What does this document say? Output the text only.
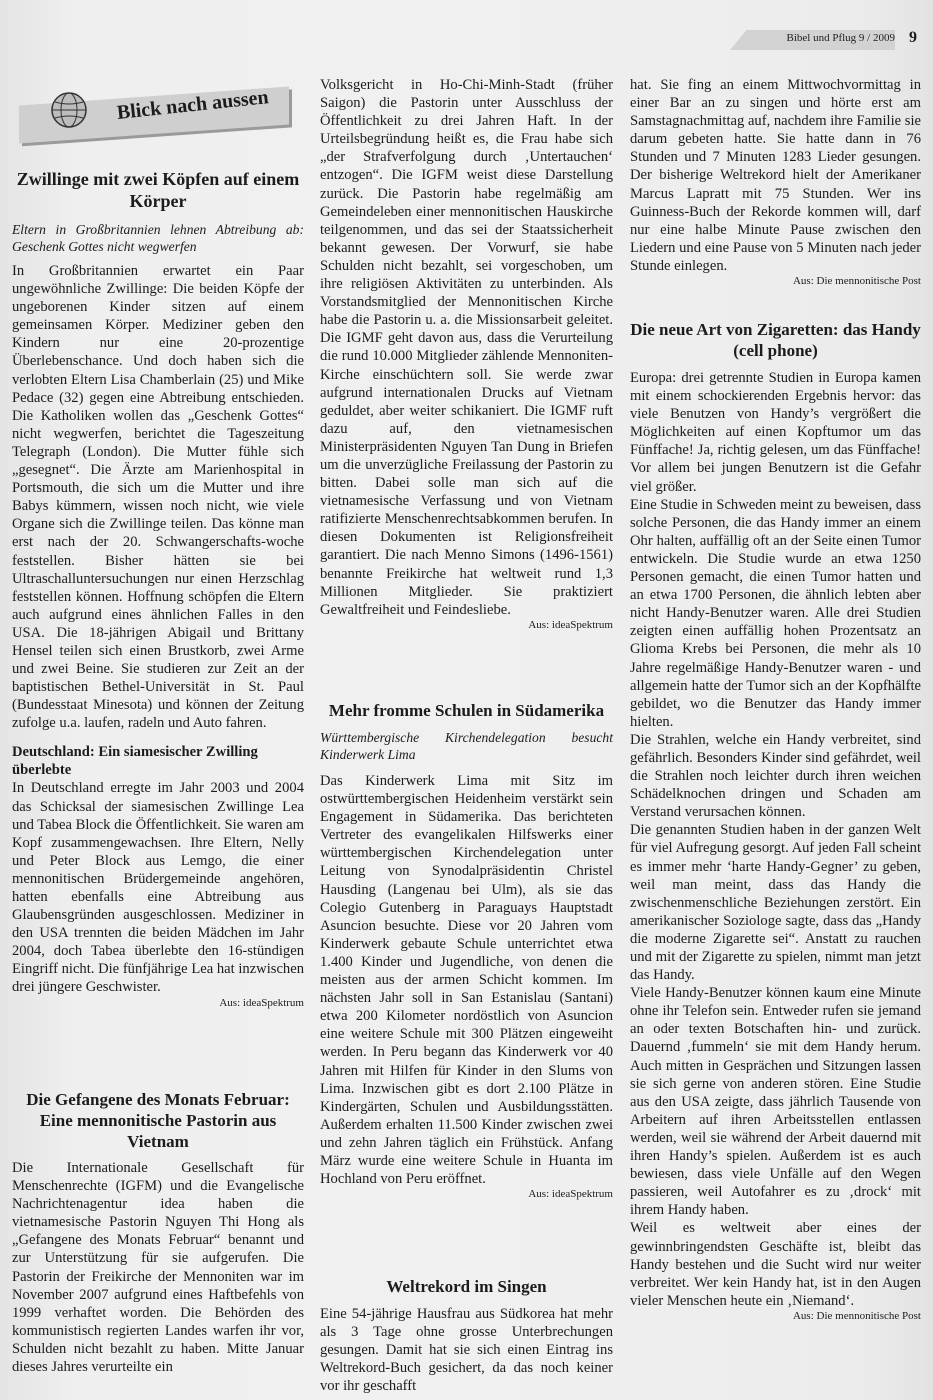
Bibel und Pflug 9 / 2009 9
Blick nach aussen
Zwillinge mit zwei Köpfen auf einem Körper

Eltern in Großbritannien lehnen Abtreibung ab: Geschenk Gottes nicht wegwerfen

In Großbritannien erwartet ein Paar ungewöhnliche Zwillinge: Die beiden Köpfe der ungeborenen Kinder sitzen auf einem gemeinsamen Körper. Mediziner geben den Kindern nur eine 20-prozentige Überlebenschance. Und doch haben sich die verlobten Eltern Lisa Chamberlain (25) und Mike Pedace (32) gegen eine Abtreibung entschieden. Die Katholiken wollen das „Geschenk Gottes“ nicht wegwerfen, berichtet die Tageszeitung Telegraph (London). Die Mutter fühle sich „gesegnet“. Die Ärzte am Marienhospital in Portsmouth, die sich um die Mutter und ihre Babys kümmern, wissen noch nicht, wie viele Organe sich die Zwillinge teilen. Das könne man erst nach der 20. Schwangerschafts-woche feststellen. Bisher hätten sie bei Ultraschalluntersuchungen nur einen Herzschlag feststellen können. Hoffnung schöpfen die Eltern auch aufgrund eines ähnlichen Falles in den USA. Die 18-jährigen Abigail und Brittany Hensel teilen sich einen Brustkorb, zwei Arme und zwei Beine. Sie studieren zur Zeit an der baptistischen Bethel-Universität in St. Paul (Bundesstaat Minesota) und können der Zeitung zufolge u.a. laufen, radeln und Auto fahren.

Deutschland: Ein siamesischer Zwilling überlebte

In Deutschland erregte im Jahr 2003 und 2004 das Schicksal der siamesischen Zwillinge Lea und Tabea Block die Öffentlichkeit. Sie waren am Kopf zusammengewachsen. Ihre Eltern, Nelly und Peter Block aus Lemgo, die einer mennonitischen Brüdergemeinde angehören, hatten ebenfalls eine Abtreibung aus Glaubensgründen ausgeschlossen. Mediziner in den USA trennten die beiden Mädchen im Jahr 2004, doch Tabea überlebte den 16-stündigen Eingriff nicht. Die fünfjährige Lea hat inzwischen drei jüngere Geschwister.

Aus: ideaSpektrum

Die Gefangene des Monats Februar: Eine mennonitische Pastorin aus Vietnam

Die Internationale Gesellschaft für Menschenrechte (IGFM) und die Evangelische Nachrichtenagentur idea haben die vietnamesische Pastorin Nguyen Thi Hong als „Gefangene des Monats Februar“ benannt und zur Unterstützung für sie aufgerufen. Die Pastorin der Freikirche der Mennoniten war im November 2007 aufgrund eines Haftbefehls von 1999 verhaftet worden. Die Behörden des kommunistisch regierten Landes warfen ihr vor, Schulden nicht bezahlt zu haben. Mitte Januar dieses Jahres verurteilte ein

Volksgericht in Ho-Chi-Minh-Stadt (früher Saigon) die Pastorin unter Ausschluss der Öffentlichkeit zu drei Jahren Haft. In der Urteilsbegründung heißt es, die Frau habe sich „der Strafverfolgung durch ‚Untertauchen‘ entzogen“. Die IGFM weist diese Darstellung zurück. Die Pastorin habe regelmäßig am Gemeindeleben einer mennonitischen Hauskirche teilgenommen, und das sei der Staatssicherheit bekannt gewesen. Der Vorwurf, sie habe Schulden nicht bezahlt, sei vorgeschoben, um ihre religiösen Aktivitäten zu unterbinden. Als Vorstandsmitglied der Mennonitischen Kirche habe die Pastorin u. a. die Missionsarbeit geleitet. Die IGMF geht davon aus, dass die Verurteilung die rund 10.000 Mitglieder zählende Mennoniten-Kirche einschüchtern soll. Sie werde zwar aufgrund internationalen Drucks auf Vietnam geduldet, aber weiter schikaniert. Die IGMF ruft dazu auf, den vietnamesischen Ministerpräsidenten Nguyen Tan Dung in Briefen um die unverzügliche Freilassung der Pastorin zu bitten. Dabei solle man sich auf die vietnamesische Verfassung und von Vietnam ratifizierte Menschenrechtsabkommen berufen. In diesen Dokumenten ist Religionsfreiheit garantiert. Die nach Menno Simons (1496-1561) benannte Freikirche hat weltweit rund 1,3 Millionen Mitglieder. Sie praktiziert Gewaltfreiheit und Feindesliebe.

Aus: ideaSpektrum

Mehr fromme Schulen in Südamerika

Württembergische Kirchendelegation besucht Kinderwerk Lima

Das Kinderwerk Lima mit Sitz im ostwürttembergischen Heidenheim verstärkt sein Engagement in Südamerika. Das berichteten Vertreter des evangelikalen Hilfswerks einer württembergischen Kirchendelegation unter Leitung von Synodalpräsidentin Christel Hausding (Langenau bei Ulm), als sie das Colegio Gutenberg in Paraguays Hauptstadt Asuncion besuchte. Diese vor 20 Jahren vom Kinderwerk gebaute Schule unterrichtet etwa 1.400 Kinder und Jugendliche, von denen die meisten aus der armen Schicht kommen. Im nächsten Jahr soll in San Estanislau (Santani) etwa 200 Kilometer nordöstlich von Asuncion eine weitere Schule mit 300 Plätzen eingeweiht werden. In Peru begann das Kinderwerk vor 40 Jahren mit Hilfen für Kinder in den Slums von Lima. Inzwischen gibt es dort 2.100 Plätze in Kindergärten, Schulen und Ausbildungsstätten. Außerdem erhalten 11.500 Kinder zwischen zwei und zehn Jahren täglich ein Frühstück. Anfang März wurde eine weitere Schule in Huanta im Hochland von Peru eröffnet.

Aus: ideaSpektrum

Weltrekord im Singen

Eine 54-jährige Hausfrau aus Südkorea hat mehr als 3 Tage ohne grosse Unterbrechungen gesungen. Damit hat sie sich einen Eintrag ins Weltrekord-Buch gesichert, da das noch keiner vor ihr geschafft

hat. Sie fing an einem Mittwochvormittag in einer Bar an zu singen und hörte erst am Samstagnachmittag auf, nachdem ihre Familie sie darum gebeten hatte. Sie hatte dann in 76 Stunden und 7 Minuten 1283 Lieder gesungen. Der bisherige Weltrekord hielt der Amerikaner Marcus Lapratt mit 75 Stunden. Wer ins Guinness-Buch der Rekorde kommen will, darf nur eine halbe Minute Pause zwischen den Liedern und eine Pause von 5 Minuten nach jeder Stunde einlegen.

Aus: Die mennonitische Post

Die neue Art von Zigaretten: das Handy (cell phone)

Europa: drei getrennte Studien in Europa kamen mit einem schockierenden Ergebnis hervor: das viele Benutzen von Handy’s vergrößert die Möglichkeiten auf einen Kopftumor um das Fünffache! Ja, richtig gelesen, um das Fünffache! Vor allem bei jungen Benutzern ist die Gefahr viel größer.

Eine Studie in Schweden meint zu beweisen, dass solche Personen, die das Handy immer an einem Ohr halten, auffällig oft an der Seite einen Tumor entwickeln. Die Studie wurde an etwa 1250 Personen gemacht, die einen Tumor hatten und an etwa 1700 Personen, die ähnlich lebten aber nicht Handy-Benutzer waren. Alle drei Studien zeigten einen auffällig hohen Prozentsatz an Glioma Krebs bei Personen, die mehr als 10 Jahre regelmäßige Handy-Benutzer waren - und allgemein hatte der Tumor sich an der Kopfhälfte gebildet, wo die Benutzer das Handy immer hielten.

Die Strahlen, welche ein Handy verbreitet, sind gefährlich. Besonders Kinder sind gefährdet, weil die Strahlen noch leichter durch ihren weichen Schädelknochen dringen und Schaden am Verstand verursachen können.

Die genannten Studien haben in der ganzen Welt für viel Aufregung gesorgt. Auf jeden Fall scheint es immer mehr ‘harte Handy-Gegner’ zu geben, weil man meint, dass das Handy die zwischenmenschliche Beziehungen zerstört. Ein amerikanischer Soziologe sagte, dass das „Handy die moderne Zigarette sei“. Anstatt zu rauchen und mit der Zigarette zu spielen, nimmt man jetzt das Handy.

Viele Handy-Benutzer können kaum eine Minute ohne ihr Telefon sein. Entweder rufen sie jemand an oder texten Botschaften hin- und zurück. Dauernd ‚fummeln‘ sie mit dem Handy herum. Auch mitten in Gesprächen und Sitzungen lassen sie sich gerne von anderen stören. Eine Studie aus den USA zeigte, dass jährlich Tausende von Arbeitern auf ihren Arbeitsstellen entlassen werden, weil sie während der Arbeit dauernd mit ihren Handy’s spielen. Außerdem ist es auch bewiesen, dass viele Unfälle auf den Wegen passieren, weil Autofahrer es zu ‚drock‘ mit ihrem Handy haben.

Weil es weltweit aber eines der gewinnbringendsten Geschäfte ist, bleibt das Handy bestehen und die Sucht wird nur weiter verbreitet. Wer kein Handy hat, ist in den Augen vieler Menschen heute ein ‚Niemand‘.

Aus: Die mennonitische Post
